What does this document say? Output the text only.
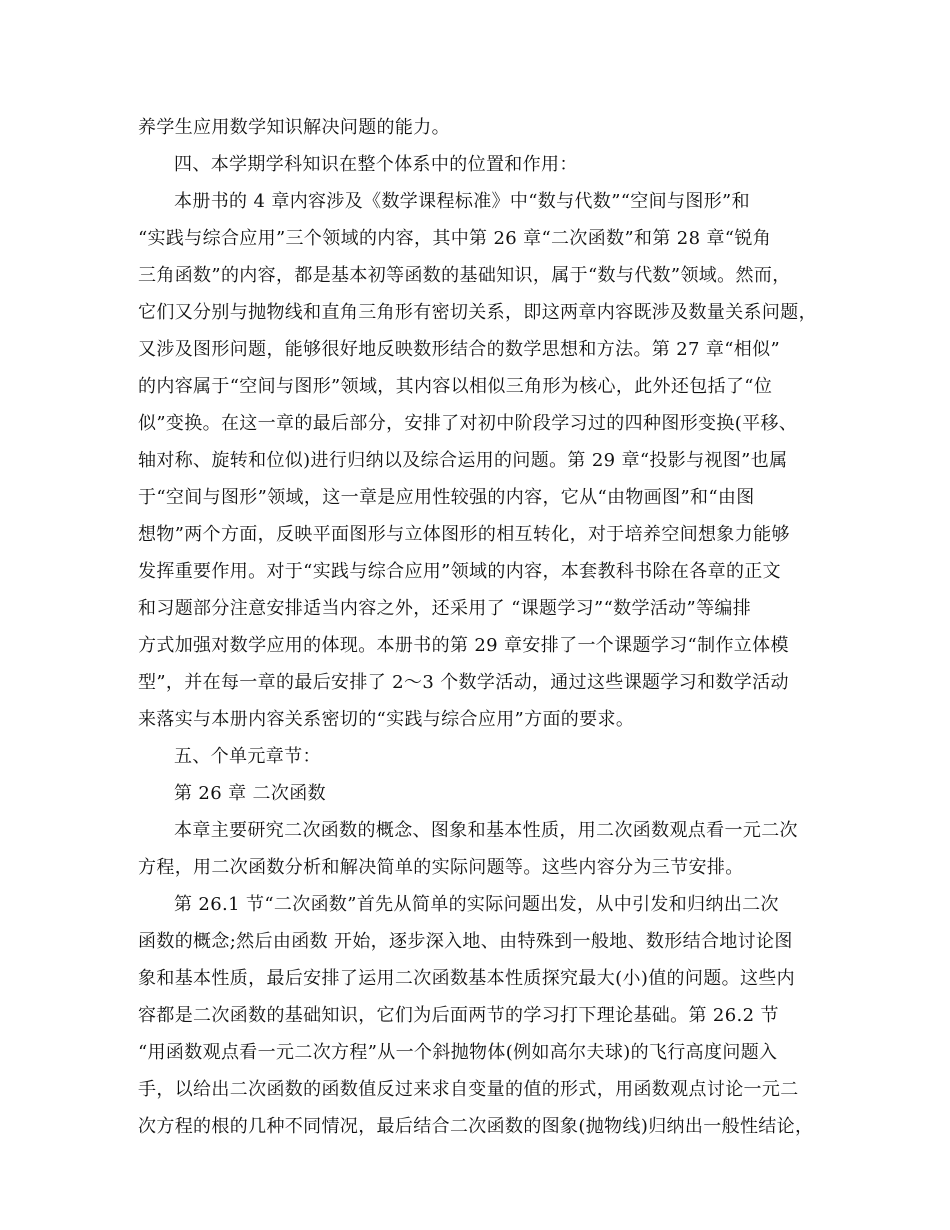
养学生应用数学知识解决问题的能力。
四、本学期学科知识在整个体系中的位置和作用：
本册书的 4 章内容涉及《数学课程标准》中“数与代数”“空间与图形”和
“实践与综合应用”三个领域的内容，其中第 26 章“二次函数”和第 28 章“锐角
三角函数”的内容，都是基本初等函数的基础知识，属于“数与代数”领域。然而，
它们又分别与抛物线和直角三角形有密切关系，即这两章内容既涉及数量关系问题，
又涉及图形问题，能够很好地反映数形结合的数学思想和方法。第 27 章“相似”
的内容属于“空间与图形”领域，其内容以相似三角形为核心，此外还包括了“位
似”变换。在这一章的最后部分，安排了对初中阶段学习过的四种图形变换(平移、
轴对称、旋转和位似)进行归纳以及综合运用的问题。第 29 章“投影与视图”也属
于“空间与图形”领域，这一章是应用性较强的内容，它从“由物画图”和“由图
想物”两个方面，反映平面图形与立体图形的相互转化，对于培养空间想象力能够
发挥重要作用。对于“实践与综合应用”领域的内容，本套教科书除在各章的正文
和习题部分注意安排适当内容之外，还采用了 “课题学习”“数学活动”等编排
方式加强对数学应用的体现。本册书的第 29 章安排了一个课题学习“制作立体模
型”，并在每一章的最后安排了 2～3 个数学活动，通过这些课题学习和数学活动
来落实与本册内容关系密切的“实践与综合应用”方面的要求。
五、个单元章节：
第 26 章 二次函数
本章主要研究二次函数的概念、图象和基本性质，用二次函数观点看一元二次
方程，用二次函数分析和解决简单的实际问题等。这些内容分为三节安排。
第 26.1 节“二次函数”首先从简单的实际问题出发，从中引发和归纳出二次
函数的概念;然后由函数 开始，逐步深入地、由特殊到一般地、数形结合地讨论图
象和基本性质，最后安排了运用二次函数基本性质探究最大(小)值的问题。这些内
容都是二次函数的基础知识，它们为后面两节的学习打下理论基础。第 26.2 节
“用函数观点看一元二次方程”从一个斜抛物体(例如高尔夫球)的飞行高度问题入
手，以给出二次函数的函数值反过来求自变量的值的形式，用函数观点讨论一元二
次方程的根的几种不同情况，最后结合二次函数的图象(抛物线)归纳出一般性结论，
